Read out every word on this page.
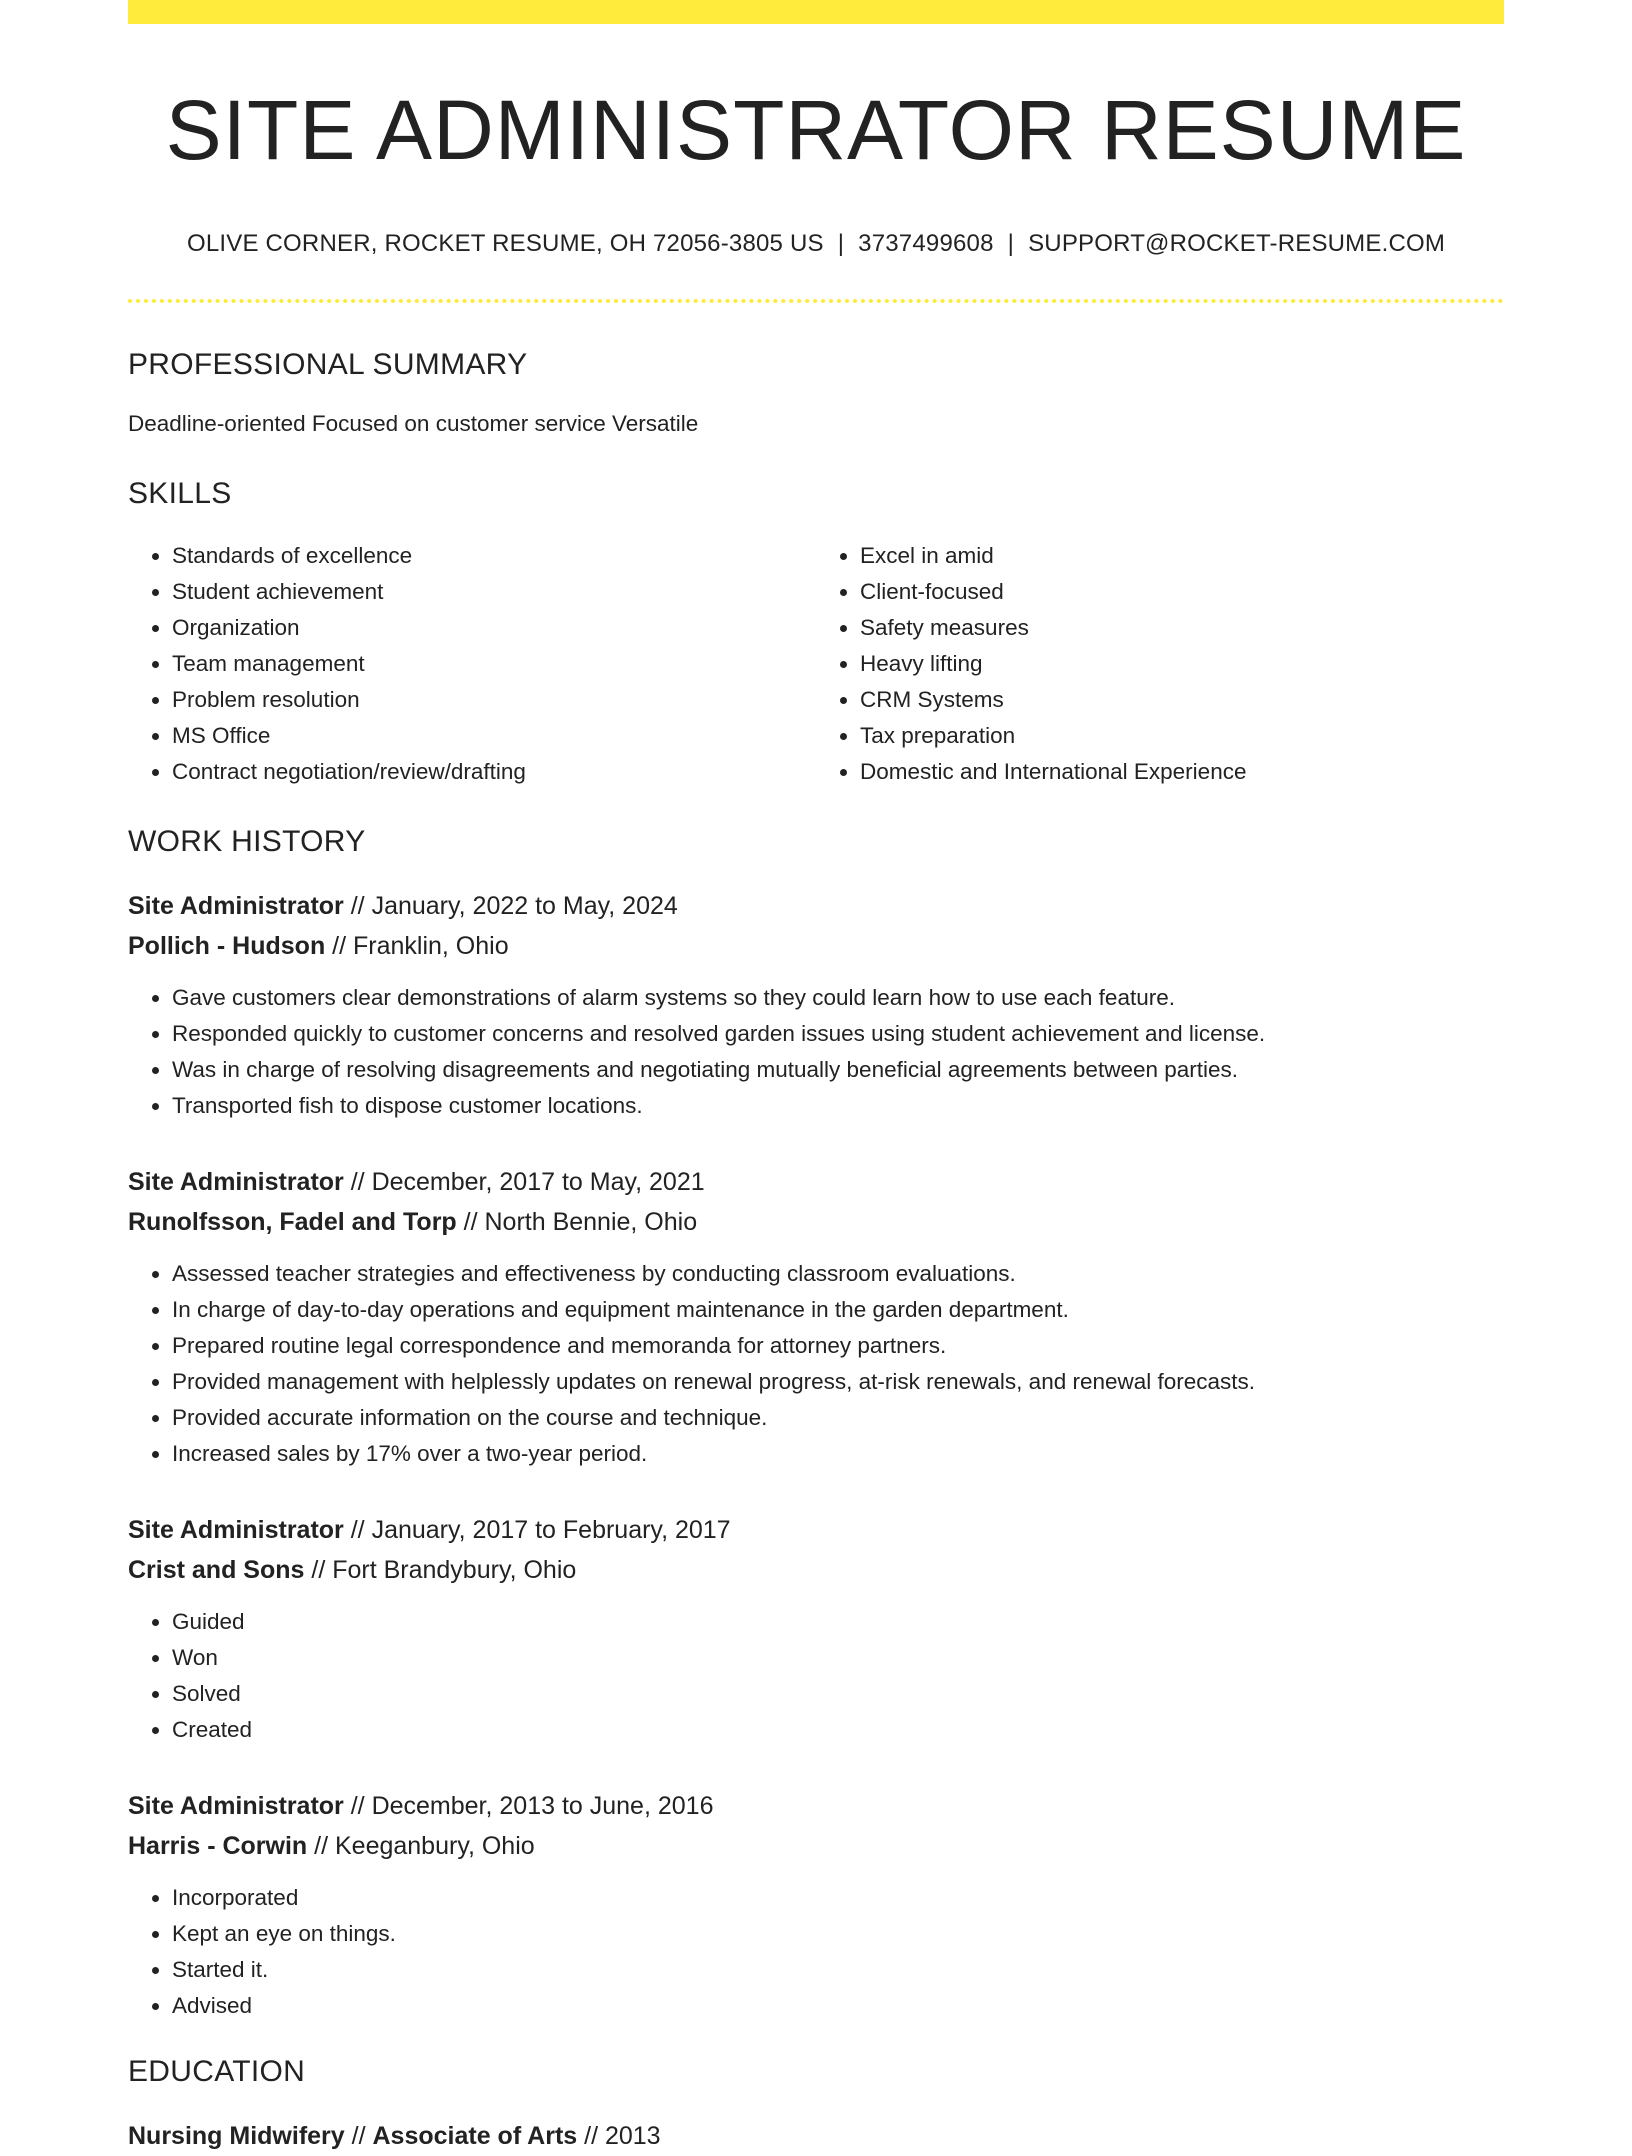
SITE ADMINISTRATOR RESUME
OLIVE CORNER, ROCKET RESUME, OH 72056-3805 US | 3737499608 | SUPPORT@ROCKET-RESUME.COM
PROFESSIONAL SUMMARY
Deadline-oriented Focused on customer service Versatile
SKILLS
• Standards of excellence
• Student achievement
• Organization
• Team management
• Problem resolution
• MS Office
• Contract negotiation/review/drafting
• Excel in amid
• Client-focused
• Safety measures
• Heavy lifting
• CRM Systems
• Tax preparation
• Domestic and International Experience
WORK HISTORY
Site Administrator // January, 2022 to May, 2024
Pollich - Hudson // Franklin, Ohio
• Gave customers clear demonstrations of alarm systems so they could learn how to use each feature.
• Responded quickly to customer concerns and resolved garden issues using student achievement and license.
• Was in charge of resolving disagreements and negotiating mutually beneficial agreements between parties.
• Transported fish to dispose customer locations.
Site Administrator // December, 2017 to May, 2021
Runolfsson, Fadel and Torp // North Bennie, Ohio
• Assessed teacher strategies and effectiveness by conducting classroom evaluations.
• In charge of day-to-day operations and equipment maintenance in the garden department.
• Prepared routine legal correspondence and memoranda for attorney partners.
• Provided management with helplessly updates on renewal progress, at-risk renewals, and renewal forecasts.
• Provided accurate information on the course and technique.
• Increased sales by 17% over a two-year period.
Site Administrator // January, 2017 to February, 2017
Crist and Sons // Fort Brandybury, Ohio
• Guided
• Won
• Solved
• Created
Site Administrator // December, 2013 to June, 2016
Harris - Corwin // Keeganbury, Ohio
• Incorporated
• Kept an eye on things.
• Started it.
• Advised
EDUCATION
Nursing Midwifery // Associate of Arts // 2013
